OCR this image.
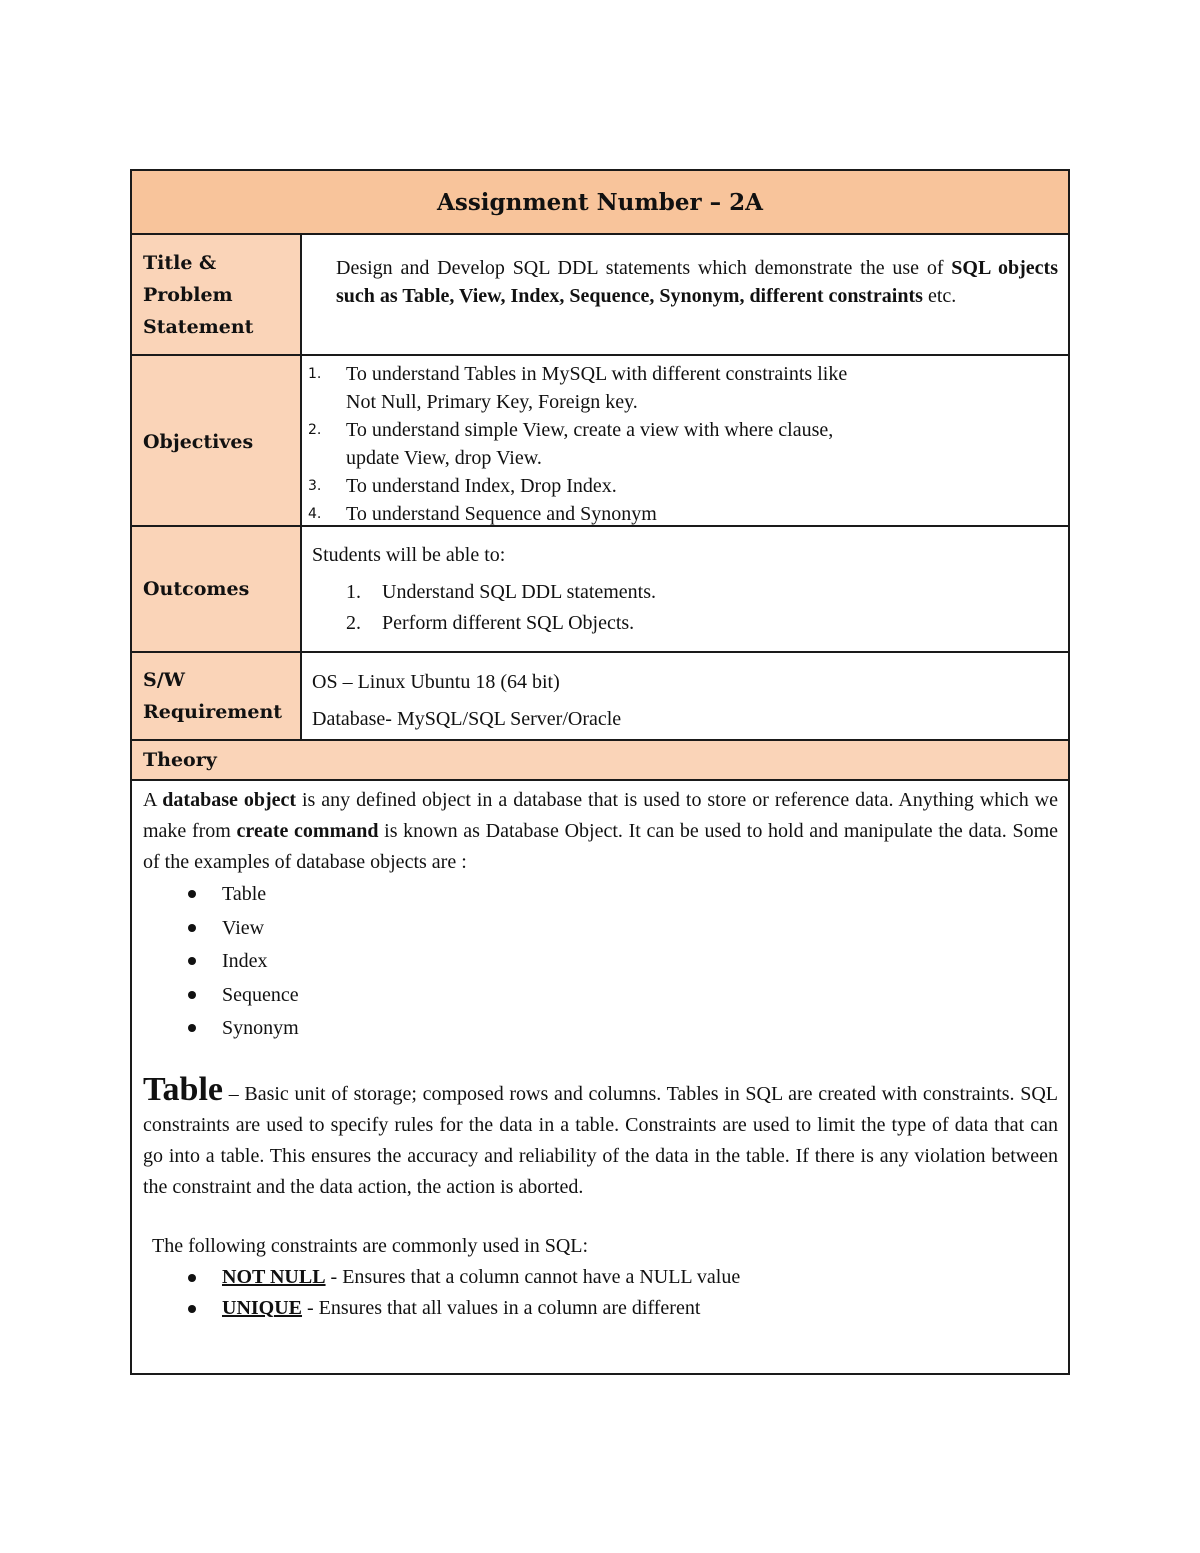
Assignment Number – 2A
Title &
Problem
Statement
Design and Develop SQL DDL statements which demonstrate the use of SQL objects such as Table, View, Index, Sequence, Synonym, different constraints etc.
Objectives
1. To understand Tables in MySQL with different constraints like
Not Null, Primary Key, Foreign key.
2. To understand simple View, create a view with where clause,
update View, drop View.
3. To understand Index, Drop Index.
4. To understand Sequence and Synonym
Outcomes
Students will be able to:
1. Understand SQL DDL statements.
2. Perform different SQL Objects.
S/W
Requirement
OS – Linux Ubuntu 18 (64 bit)
Database- MySQL/SQL Server/Oracle
Theory

A database object is any defined object in a database that is used to store or reference data. Anything which we make from create command is known as Database Object. It can be used to hold and manipulate the data. Some of the examples of database objects are :

Table
View
Index
Sequence
Synonym

Table – Basic unit of storage; composed rows and columns. Tables in SQL are created with constraints. SQL constraints are used to specify rules for the data in a table. Constraints are used to limit the type of data that can go into a table. This ensures the accuracy and reliability of the data in the table. If there is any violation between the constraint and the data action, the action is aborted.

The following constraints are commonly used in SQL:

NOT NULL - Ensures that a column cannot have a NULL value
UNIQUE - Ensures that all values in a column are different
